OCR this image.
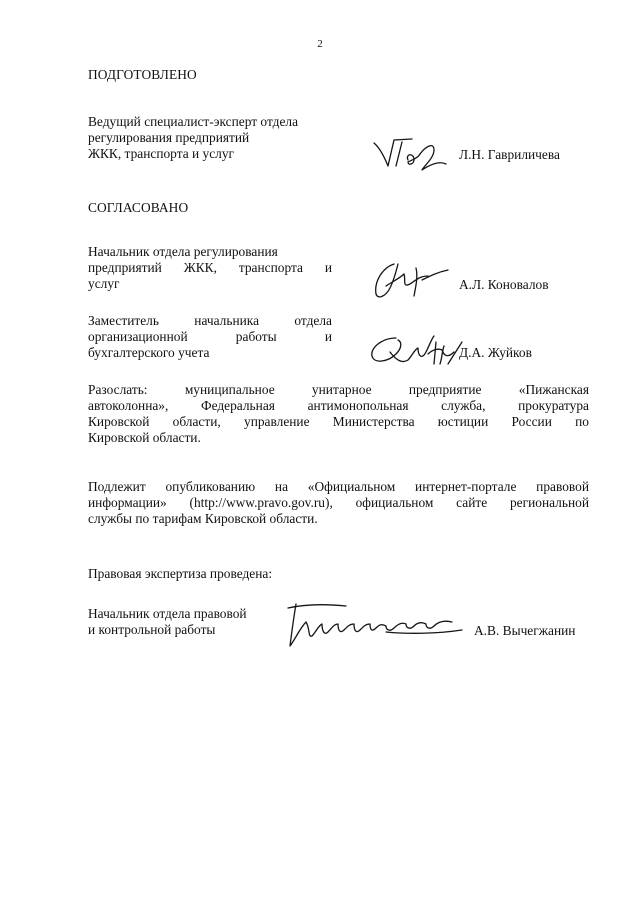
2
ПОДГОТОВЛЕНО
Ведущий специалист-эксперт отдела
регулирования предприятий
ЖКК, транспорта и услуг	Л.Н. Гавриличева
СОГЛАСОВАНО
Начальник отдела регулирования
предприятий ЖКК, транспорта и
услуг	А.Л. Коновалов
Заместитель начальника отдела
организационной работы и
бухгалтерского учета	Д.А. Жуйков
Разослать: муниципальное унитарное предприятие «Пижанская
автоколонна», Федеральная антимонопольная служба, прокуратура
Кировской области, управление Министерства юстиции России по
Кировской области.
Подлежит опубликованию на «Официальном интернет-портале правовой
информации» (http://www.pravo.gov.ru), официальном сайте региональной
службы по тарифам Кировской области.
Правовая экспертиза проведена:
Начальник отдела правовой
и контрольной работы	А.В. Вычегжанин
